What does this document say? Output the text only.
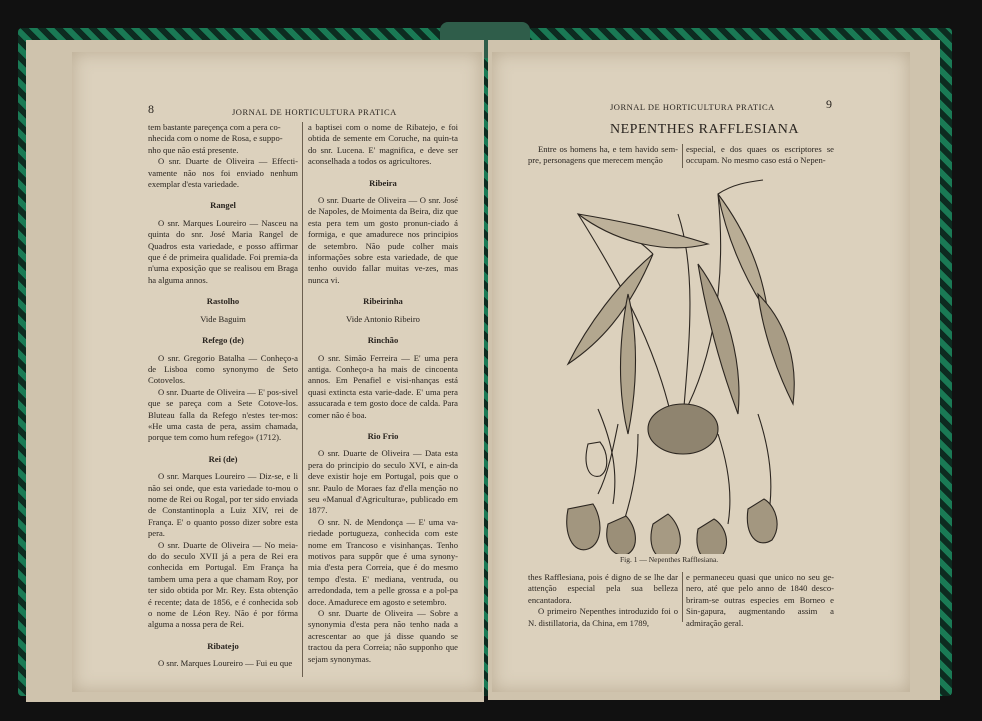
8	JORNAL DE HORTICULTURA PRATICA

tem bastante pareçença com a pera co-

nhecida com o nome de Rosa, e suppo-

nho que não está presente.

O snr. Duarte de Oliveira — Effecti-vamente não nos foi enviado nenhum exemplar d'esta variedade.

Rangel

O snr. Marques Loureiro — Nasceu na quinta do snr. José Maria Rangel de Quadros esta variedade, e posso affirmar que é de primeira qualidade. Foi premia-da n'uma exposição que se realisou em Braga ha alguma annos.

Rastolho

Vide Baguim

Refego (de)

O snr. Gregorio Batalha — Conheço-a de Lisboa como synonymo de Seto Cotovelos.

O snr. Duarte de Oliveira — E' pos-sivel que se pareça com a Sete Cotove-los. Bluteau falla da Refego n'estes ter-mos: «He uma casta de pera, assim chamada, porque tem como hum refego» (1712).

Rei (de)

O snr. Marques Loureiro — Diz-se, e li não sei onde, que esta variedade to-mou o nome de Rei ou Rogal, por ter sido enviada de Constantinopla a Luiz XIV, rei de França. E' o quanto posso dizer sobre esta pera.

O snr. Duarte de Oliveira — No meia-do do seculo XVII já a pera de Rei era conhecida em Portugal. Em França ha tambem uma pera a que chamam Roy, por ter sido obtida por Mr. Rey. Esta obtenção é recente; data de 1856, e é conhecida sob o nome de Léon Rey. Não é por fórma alguma a nossa pera de Rei.

Ribatejo

O snr. Marques Loureiro — Fui eu que

a baptisei com o nome de Ribatejo, e foi obtida de semente em Coruche, na quin-ta do snr. Lucena. E' magnifica, e deve ser aconselhada a todos os agricultores.

Ribeira

O snr. Duarte de Oliveira — O snr. José de Napoles, de Moimenta da Beira, diz que esta pera tem um gosto pronun-ciado á formiga, e que amadurece nos principios de setembro. Não pude colher mais informações sobre esta variedade, de que tenho ouvido fallar muitas ve-zes, mas nunca vi.

Ribeirinha

Vide Antonio Ribeiro

Rinchão

O snr. Simão Ferreira — E' uma pera antiga. Conheço-a ha mais de cincoenta annos. Em Penafiel e visi-nhanças está quasi extincta esta varie-dade. E' uma pera assucarada e tem gosto doce de calda. Para comer não é boa.

Rio Frio

O snr. Duarte de Oliveira — Data esta pera do principio do seculo XVI, e ain-da deve existir hoje em Portugal, pois que o snr. Paulo de Moraes faz d'ella menção no seu «Manual d'Agricultura», publicado em 1877.

O snr. N. de Mendonça — E' uma va-riedade portugueza, conhecida com este nome em Trancoso e visinhanças. Tenho motivos para suppôr que é uma synony-mia d'esta pera Correia, que é do mesmo tempo d'esta. E' mediana, ventruda, ou arredondada, tem a pelle grossa e a pol-pa doce. Amadurece em agosto e setembro.

O snr. Duarte de Oliveira — Sobre a synonymia d'esta pera não tenho nada a acrescentar ao que já disse quando se tractou da pera Correia; não supponho que sejam synonymas.

JORNAL DE HORTICULTURA PRATICA	9
NEPENTHES RAFFLESIANA

Entre os homens ha, e tem havido sem-pre, personagens que merecem menção

especial, e dos quaes os escriptores se occupam. No mesmo caso está o Nepen-

Fig. 1 — Nepenthes Rafflesiana.

thes Rafflesiana, pois é digno de se lhe dar attenção especial pela sua belleza encantadora.

O primeiro Nepenthes introduzido foi o N. distillatoria, da China, em 1789,

e permaneceu quasi que unico no seu ge-nero, até que pelo anno de 1840 desco-briram-se outras especies em Borneo e Sin-gapura, augmentando assim a admiração geral.
